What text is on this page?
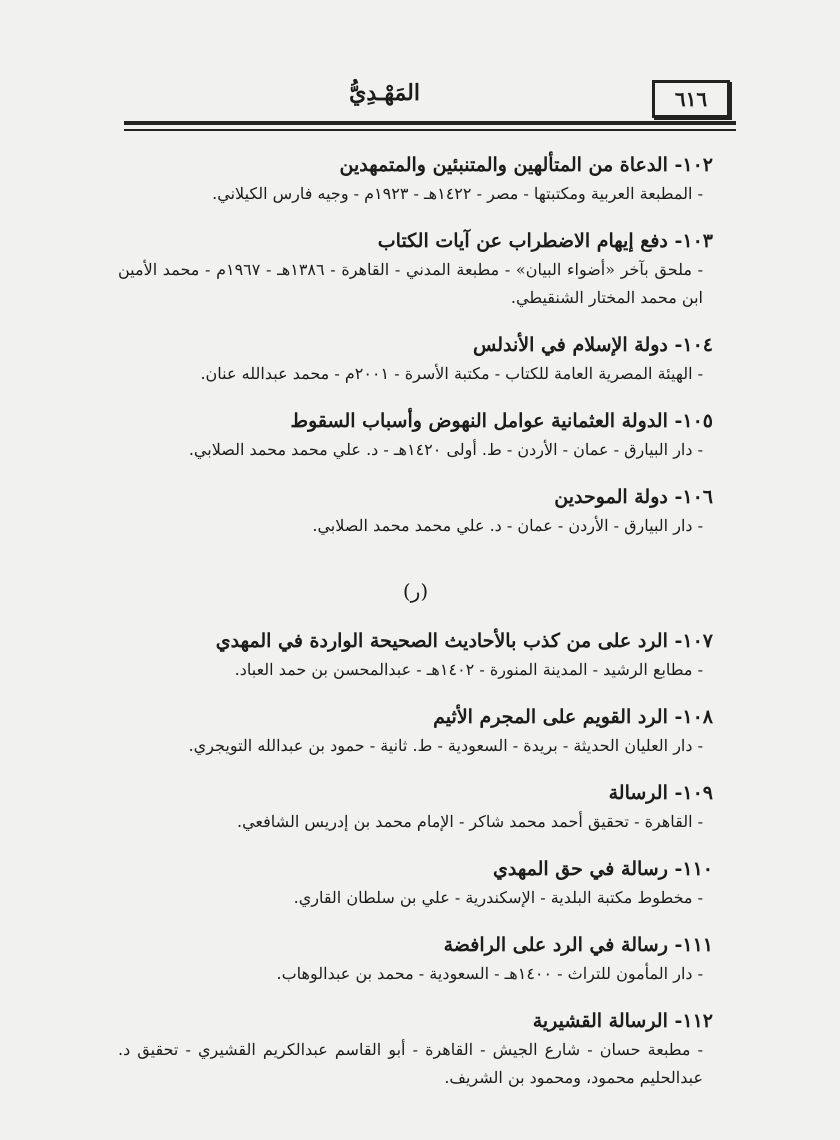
٦١٦
المَهْـدِيُّ
١٠٢- الدعاة من المتألهين والمتنبئين والمتمهدين
- المطبعة العربية ومكتبتها - مصر - ١٤٢٢هـ - ١٩٢٣م - وجيه فارس الكيلاني.
١٠٣- دفع إيهام الاضطراب عن آيات الكتاب
- ملحق بآخر «أضواء البيان» - مطبعة المدني - القاهرة - ١٣٨٦هـ - ١٩٦٧م - محمد الأمين ابن محمد المختار الشنقيطي.
١٠٤- دولة الإسلام في الأندلس
- الهيئة المصرية العامة للكتاب - مكتبة الأسرة - ٢٠٠١م - محمد عبدالله عنان.
١٠٥- الدولة العثمانية عوامل النهوض وأسباب السقوط
- دار البيارق - عمان - الأردن - ط. أولى ١٤٢٠هـ - د. علي محمد محمد الصلابي.
١٠٦- دولة الموحدين
- دار البيارق - الأردن - عمان - د. علي محمد محمد الصلابي.
(ر)
١٠٧- الرد على من كذب بالأحاديث الصحيحة الواردة في المهدي
- مطابع الرشيد - المدينة المنورة - ١٤٠٢هـ - عبدالمحسن بن حمد العباد.
١٠٨- الرد القويم على المجرم الأثيم
- دار العليان الحديثة - بريدة - السعودية - ط. ثانية - حمود بن عبدالله التويجري.
١٠٩- الرسالة
- القاهرة - تحقيق أحمد محمد شاكر - الإمام محمد بن إدريس الشافعي.
١١٠- رسالة في حق المهدي
- مخطوط مكتبة البلدية - الإسكندرية - علي بن سلطان القاري.
١١١- رسالة في الرد على الرافضة
- دار المأمون للتراث - ١٤٠٠هـ - السعودية - محمد بن عبدالوهاب.
١١٢- الرسالة القشيرية
- مطبعة حسان - شارع الجيش - القاهرة - أبو القاسم عبدالكريم القشيري - تحقيق د. عبدالحليم محمود، ومحمود بن الشريف.
